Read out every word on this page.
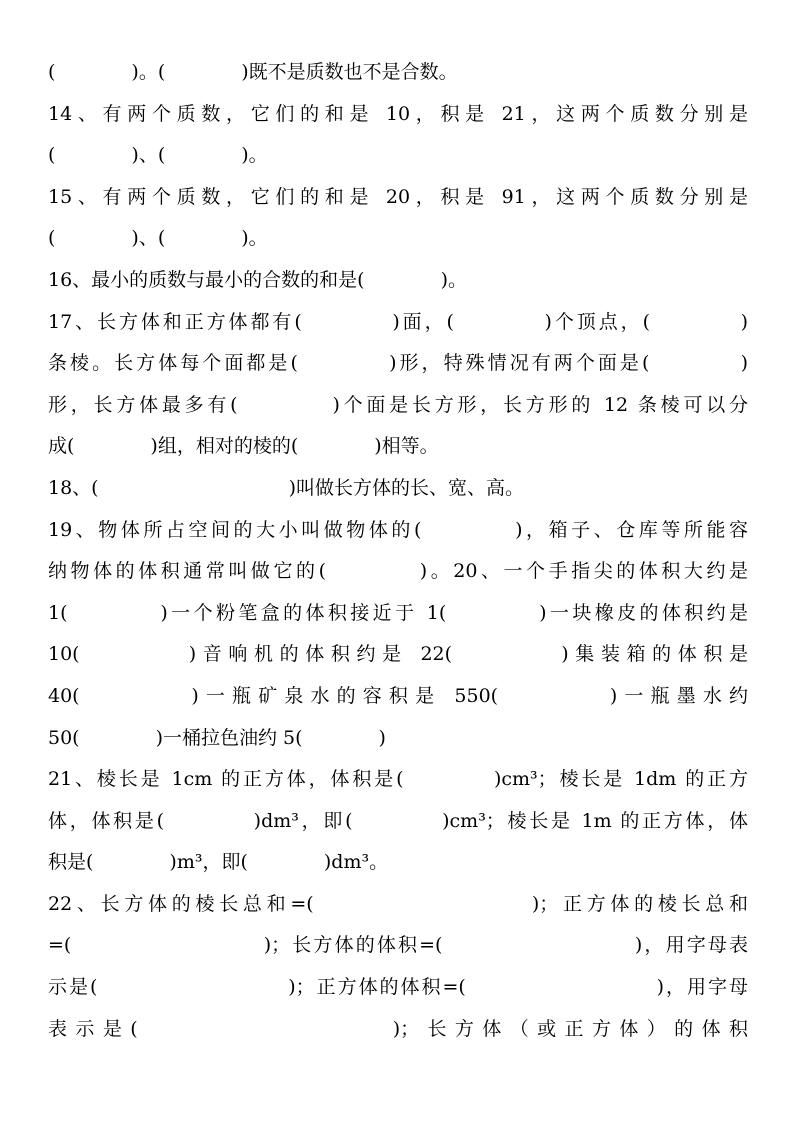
(　　　　)。(　　　　)既不是质数也不是合数。
14、有两个质数，它们的和是 10，积是 21，这两个质数分别是
(　　　　)、(　　　　)。
15、有两个质数，它们的和是 20，积是 91，这两个质数分别是
(　　　　)、(　　　　)。
16、最小的质数与最小的合数的和是(　　　　)。
17、长方体和正方体都有(　　　　)面，(　　　　)个顶点，(　　　　)
条棱。长方体每个面都是(　　　　)形，特殊情况有两个面是(　　　　)
形，长方体最多有(　　　　)个面是长方形，长方形的 12 条棱可以分
成(　　　　)组，相对的棱的(　　　　)相等。
18、(　　　　　　　　　　)叫做长方体的长、宽、高。
19、物体所占空间的大小叫做物体的(　　　　)，箱子、仓库等所能容
纳物体的体积通常叫做它的(　　　　)。20、一个手指尖的体积大约是
1(　　　　)一个粉笔盒的体积接近于 1(　　　　)一块橡皮的体积约是
10(　　　　)音响机的体积约是 22(　　　　)集装箱的体积是
40(　　　　)一瓶矿泉水的容积是 550(　　　　)一瓶墨水约
50(　　　　)一桶拉色油约 5(　　　　)
21、棱长是 1cm 的正方体，体积是(　　　　)cm³；棱长是 1dm 的正方
体，体积是(　　　　)dm³，即(　　　　)cm³；棱长是 1m 的正方体，体
积是(　　　　)m³，即(　　　　)dm³。
22、长方体的棱长总和=(　　　　　　　　　)；正方体的棱长总和
=(　　　　　　　　　)；长方体的体积=(　　　　　　　　　)，用字母表
示是(　　　　　　　　　)；正方体的体积=(　　　　　　　　　)，用字母
表示是(　　　　　　　　　)；长方体（或正方体）的体积
